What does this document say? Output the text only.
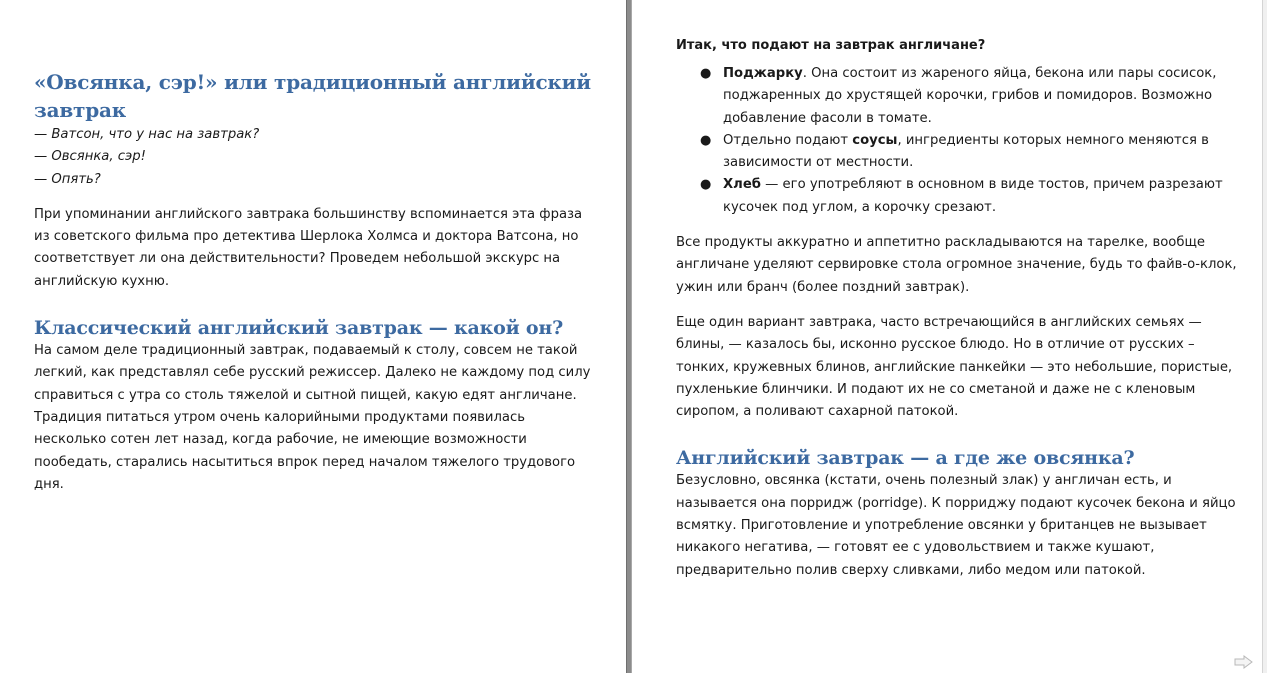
«Овсянка, сэр!» или традиционный английский завтрак
— Ватсон, что у нас на завтрак?
— Овсянка, сэр!
— Опять?

При упоминании английского завтрака большинству вспоминается эта фраза из советского фильма про детектива Шерлока Холмса и доктора Ватсона, но соответствует ли она действительности? Проведем небольшой экскурс на английскую кухню.

Классический английский завтрак — какой он?

На самом деле традиционный завтрак, подаваемый к столу, совсем не такой легкий, как представлял себе русский режиссер. Далеко не каждому под силу справиться с утра со столь тяжелой и сытной пищей, какую едят англичане. Традиция питаться утром очень калорийными продуктами появилась несколько сотен лет назад, когда рабочие, не имеющие возможности пообедать, старались насытиться впрок перед началом тяжелого трудового дня.

Итак, что подают на завтрак англичане?
● Поджарку. Она состоит из жареного яйца, бекона или пары сосисок, поджаренных до хрустящей корочки, грибов и помидоров. Возможно добавление фасоли в томате.
● Отдельно подают соусы, ингредиенты которых немного меняются в зависимости от местности.
● Хлеб — его употребляют в основном в виде тостов, причем разрезают кусочек под углом, а корочку срезают.

Все продукты аккуратно и аппетитно раскладываются на тарелке, вообще англичане уделяют сервировке стола огромное значение, будь то файв-о-клок, ужин или бранч (более поздний завтрак).

Еще один вариант завтрака, часто встречающийся в английских семьях — блины, — казалось бы, исконно русское блюдо. Но в отличие от русских – тонких, кружевных блинов, английские панкейки — это небольшие, пористые, пухленькие блинчики. И подают их не со сметаной и даже не с кленовым сиропом, а поливают сахарной патокой.

Английский завтрак — а где же овсянка?

Безусловно, овсянка (кстати, очень полезный злак) у англичан есть, и называется она порридж (porridge). К порриджу подают кусочек бекона и яйцо всмятку. Приготовление и употребление овсянки у британцев не вызывает никакого негатива, — готовят ее с удовольствием и также кушают, предварительно полив сверху сливками, либо медом или патокой.
